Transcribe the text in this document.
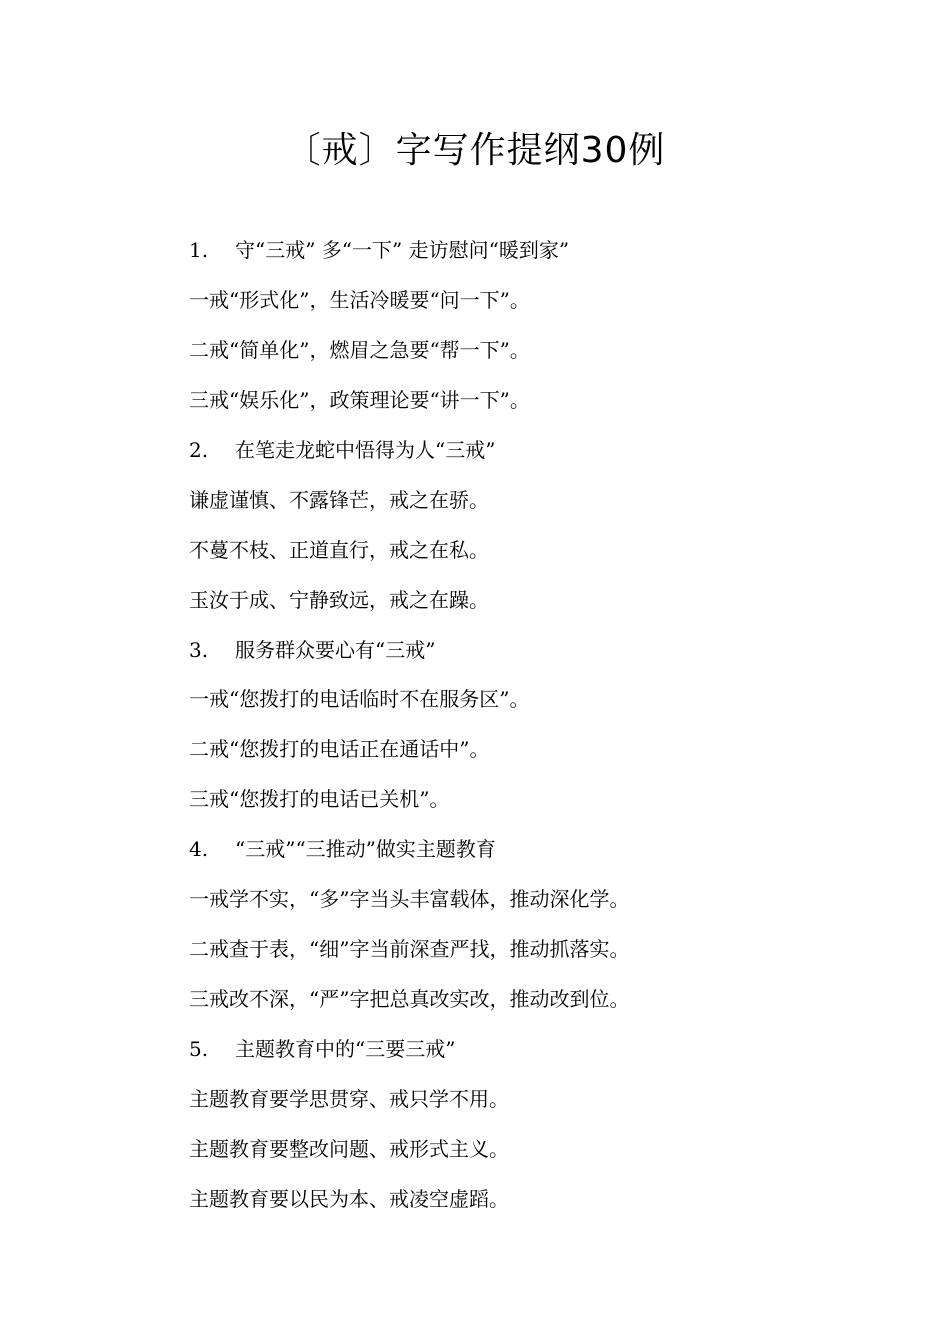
〔戒〕字写作提纲30例
1. 守“三戒” 多“一下” 走访慰问“暖到家”
一戒“形式化”，生活冷暖要“问一下”。
二戒“简单化”，燃眉之急要“帮一下”。
三戒“娱乐化”，政策理论要“讲一下”。
2. 在笔走龙蛇中悟得为人“三戒”
谦虚谨慎、不露锋芒，戒之在骄。
不蔓不枝、正道直行，戒之在私。
玉汝于成、宁静致远，戒之在躁。
3. 服务群众要心有“三戒”
一戒“您拨打的电话临时不在服务区”。
二戒“您拨打的电话正在通话中”。
三戒“您拨打的电话已关机”。
4. “三戒”“三推动”做实主题教育
一戒学不实，“多”字当头丰富载体，推动深化学。
二戒查于表，“细”字当前深查严找，推动抓落实。
三戒改不深，“严”字把总真改实改，推动改到位。
5. 主题教育中的“三要三戒”
主题教育要学思贯穿、戒只学不用。
主题教育要整改问题、戒形式主义。
主题教育要以民为本、戒凌空虚蹈。
